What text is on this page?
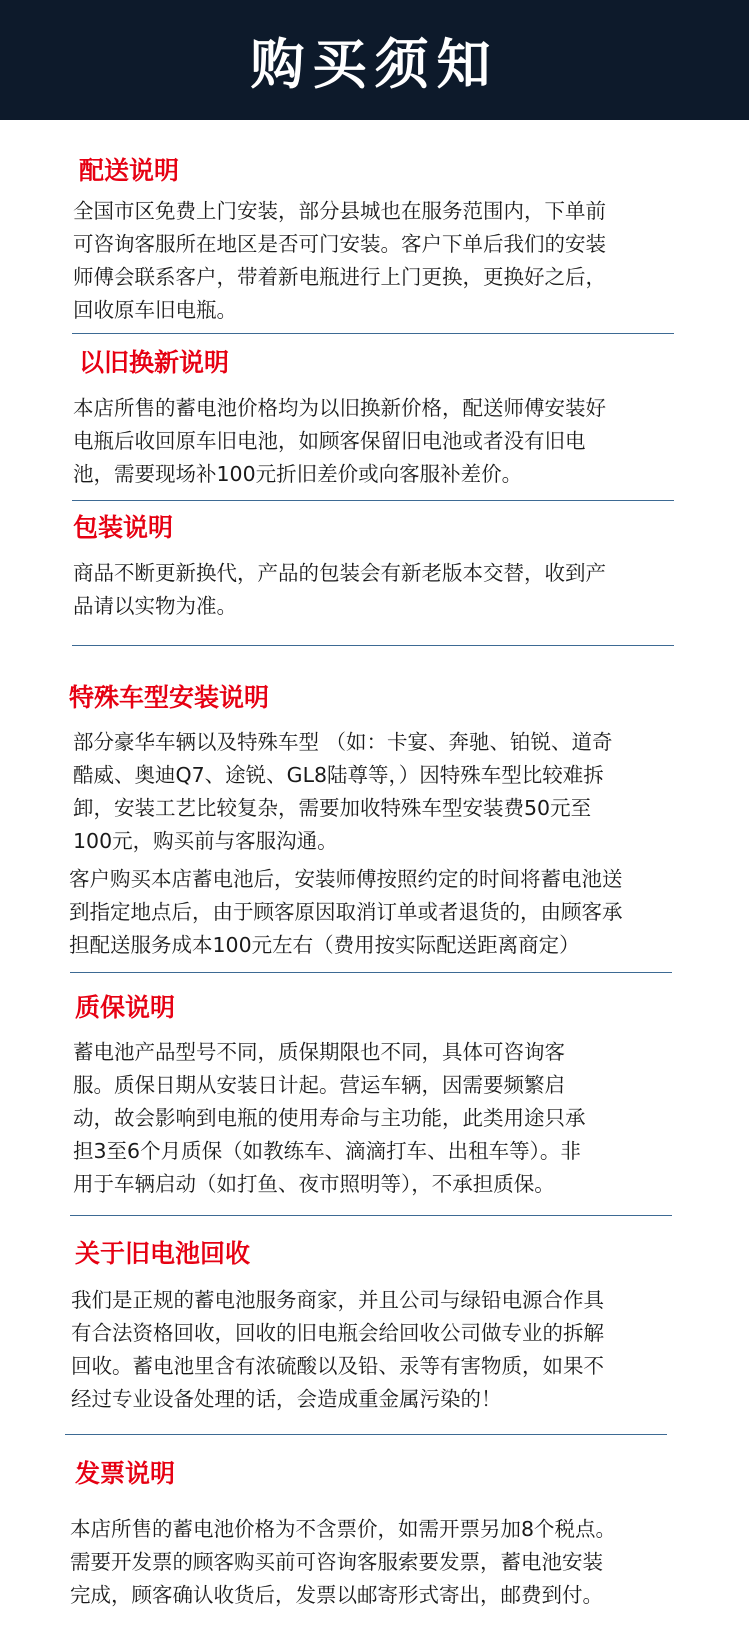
购买须知
配送说明
全国市区免费上门安装，部分县城也在服务范围内，下单前
可咨询客服所在地区是否可门安装。客户下单后我们的安装
师傅会联系客户，带着新电瓶进行上门更换，更换好之后，
回收原车旧电瓶。
以旧换新说明
本店所售的蓄电池价格均为以旧换新价格，配送师傅安装好
电瓶后收回原车旧电池，如顾客保留旧电池或者没有旧电
池，需要现场补100元折旧差价或向客服补差价。
包装说明
商品不断更新换代，产品的包装会有新老版本交替，收到产
品请以实物为准。
特殊车型安装说明
部分豪华车辆以及特殊车型 （如：卡宴、奔驰、铂锐、道奇
酷威、奥迪Q7、途锐、GL8陆尊等，）因特殊车型比较难拆
卸，安装工艺比较复杂，需要加收特殊车型安装费50元至
100元，购买前与客服沟通。
客户购买本店蓄电池后，安装师傅按照约定的时间将蓄电池送
到指定地点后，由于顾客原因取消订单或者退货的，由顾客承
担配送服务成本100元左右（费用按实际配送距离商定）
质保说明
蓄电池产品型号不同，质保期限也不同，具体可咨询客
服。质保日期从安装日计起。营运车辆，因需要频繁启
动，故会影响到电瓶的使用寿命与主功能，此类用途只承
担3至6个月质保（如教练车、滴滴打车、出租车等）。非
用于车辆启动（如打鱼、夜市照明等），不承担质保。
关于旧电池回收
我们是正规的蓄电池服务商家，并且公司与绿铅电源合作具
有合法资格回收，回收的旧电瓶会给回收公司做专业的拆解
回收。蓄电池里含有浓硫酸以及铅、汞等有害物质，如果不
经过专业设备处理的话，会造成重金属污染的！
发票说明
本店所售的蓄电池价格为不含票价，如需开票另加8个税点。
需要开发票的顾客购买前可咨询客服索要发票，蓄电池安装
完成，顾客确认收货后，发票以邮寄形式寄出，邮费到付。
